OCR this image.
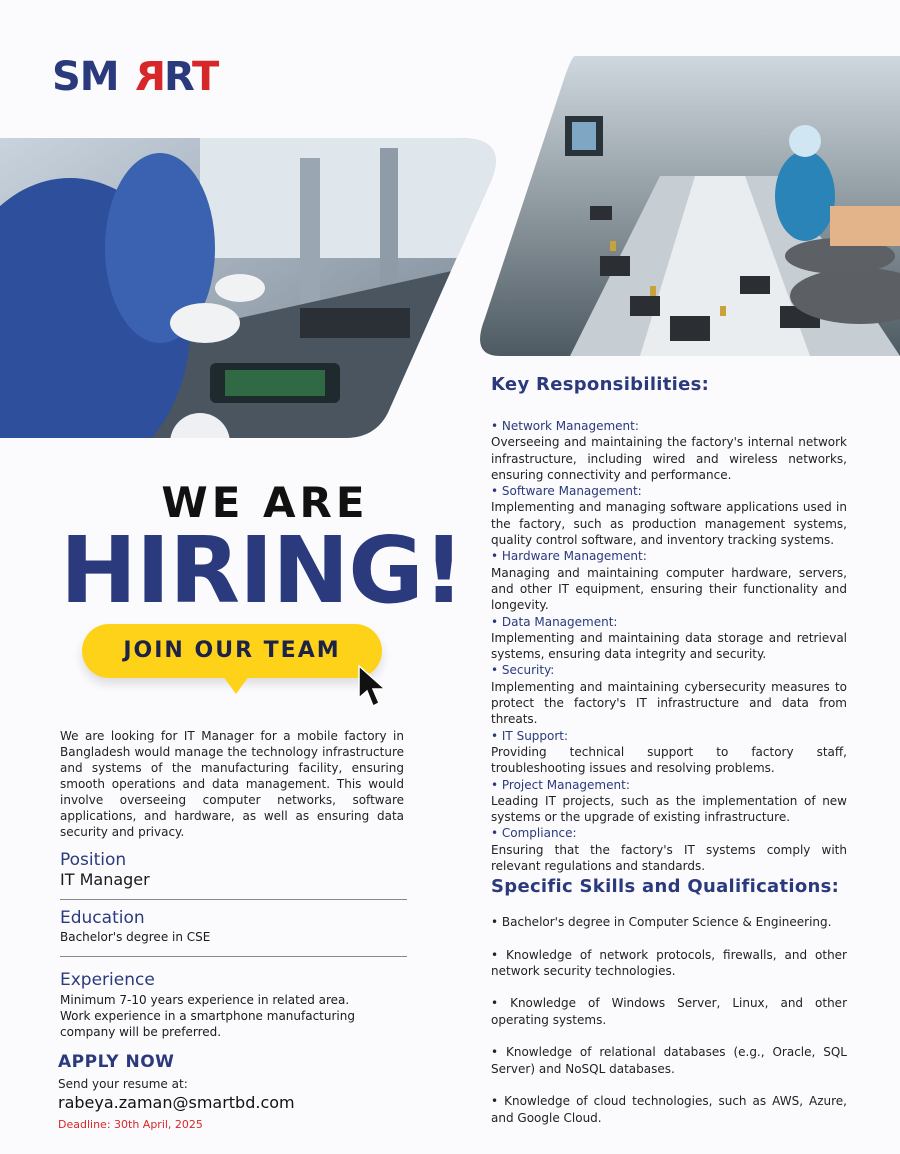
SM R
R
T
WE ARE
HIRING!
JOIN OUR TEAM
We are looking for IT Manager for a mobile factory in Bangladesh would manage the technology infrastructure and systems of the manufacturing facility, ensuring smooth operations and data management. This would involve overseeing computer networks, software applications, and hardware, as well as ensuring data security and privacy.
Position
IT Manager
Education
Bachelor's degree in CSE
Experience
Minimum 7-10 years experience in related area.
Work experience in a smartphone manufacturing
company will be preferred.
APPLY NOW
Send your resume at:
rabeya.zaman@smartbd.com
Deadline: 30th April, 2025
Key Responsibilities:
• Network Management:
Overseeing and maintaining the factory's internal network infrastructure, including wired and wireless networks, ensuring connectivity and performance.
• Software Management:
Implementing and managing software applications used in the factory, such as production management systems, quality control software, and inventory tracking systems.
• Hardware Management:
Managing and maintaining computer hardware, servers, and other IT equipment, ensuring their functionality and longevity.
• Data Management:
Implementing and maintaining data storage and retrieval systems, ensuring data integrity and security.
• Security:
Implementing and maintaining cybersecurity measures to protect the factory's IT infrastructure and data from threats.
• IT Support:
Providing technical support to factory staff, troubleshooting issues and resolving problems.
• Project Management:
Leading IT projects, such as the implementation of new systems or the upgrade of existing infrastructure.
• Compliance:
Ensuring that the factory's IT systems comply with relevant regulations and standards.
Specific Skills and Qualifications:
• Bachelor's degree in Computer Science & Engineering.
• Knowledge of network protocols, firewalls, and other network security technologies.
• Knowledge of Windows Server, Linux, and other operating systems.
• Knowledge of relational databases (e.g., Oracle, SQL Server) and NoSQL databases.
• Knowledge of cloud technologies, such as AWS, Azure, and Google Cloud.
